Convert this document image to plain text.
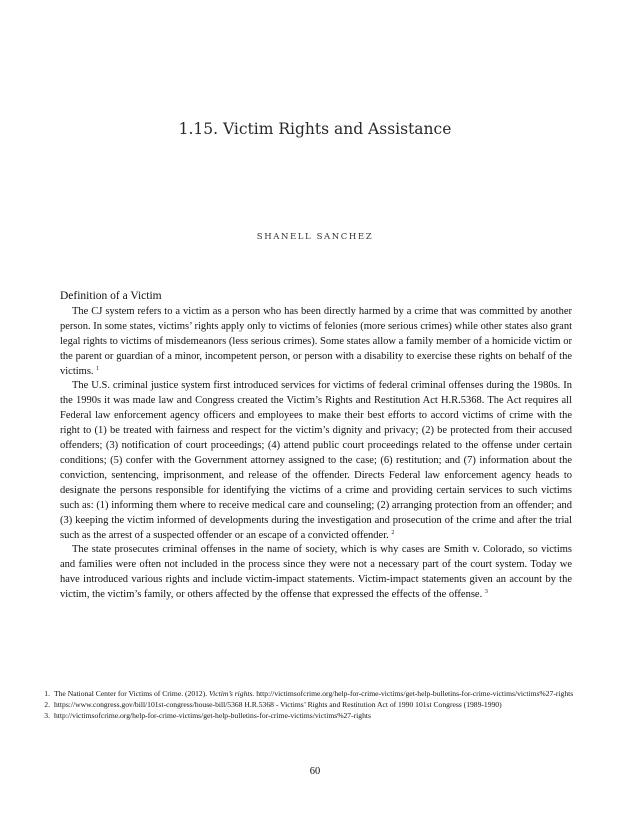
1.15. Victim Rights and Assistance
SHANELL SANCHEZ
Definition of a Victim

The CJ system refers to a victim as a person who has been directly harmed by a crime that was committed by another person. In some states, victims’ rights apply only to victims of felonies (more serious crimes) while other states also grant legal rights to victims of misdemeanors (less serious crimes). Some states allow a family member of a homicide victim or the parent or guardian of a minor, incompetent person, or person with a disability to exercise these rights on behalf of the victims. $^1$

The U.S. criminal justice system first introduced services for victims of federal criminal offenses during the 1980s. In the 1990s it was made law and Congress created the Victim’s Rights and Restitution Act H.R.5368. The Act requires all Federal law enforcement agency officers and employees to make their best efforts to accord victims of crime with the right to (1) be treated with fairness and respect for the victim’s dignity and privacy; (2) be protected from their accused offenders; (3) notification of court proceedings; (4) attend public court proceedings related to the offense under certain conditions; (5) confer with the Government attorney assigned to the case; (6) restitution; and (7) information about the conviction, sentencing, imprisonment, and release of the offender. Directs Federal law enforcement agency heads to designate the persons responsible for identifying the victims of a crime and providing certain services to such victims such as: (1) informing them where to receive medical care and counseling; (2) arranging protection from an offender; and (3) keeping the victim informed of developments during the investigation and prosecution of the crime and after the trial such as the arrest of a suspected offender or an escape of a convicted offender. $^2$

The state prosecutes criminal offenses in the name of society, which is why cases are Smith v. Colorado, so victims and families were often not included in the process since they were not a necessary part of the court system. Today we have introduced various rights and include victim-impact statements. Victim-impact statements given an account by the victim, the victim’s family, or others affected by the offense that expressed the effects of the offense. $^3$

1. The National Center for Victims of Crime. (2012). Victim’s rights. http://victimsofcrime.org/help-for-crime-victims/get-help-bulletins-for-crime-victims/victims%27-rights
2. https://www.congress.gov/bill/101st-congress/house-bill/5368 H.R.5368 - Victims’ Rights and Restitution Act of 1990 101st Congress (1989-1990)
3. http://victimsofcrime.org/help-for-crime-victims/get-help-bulletins-for-crime-victims/victims%27-rights
60
